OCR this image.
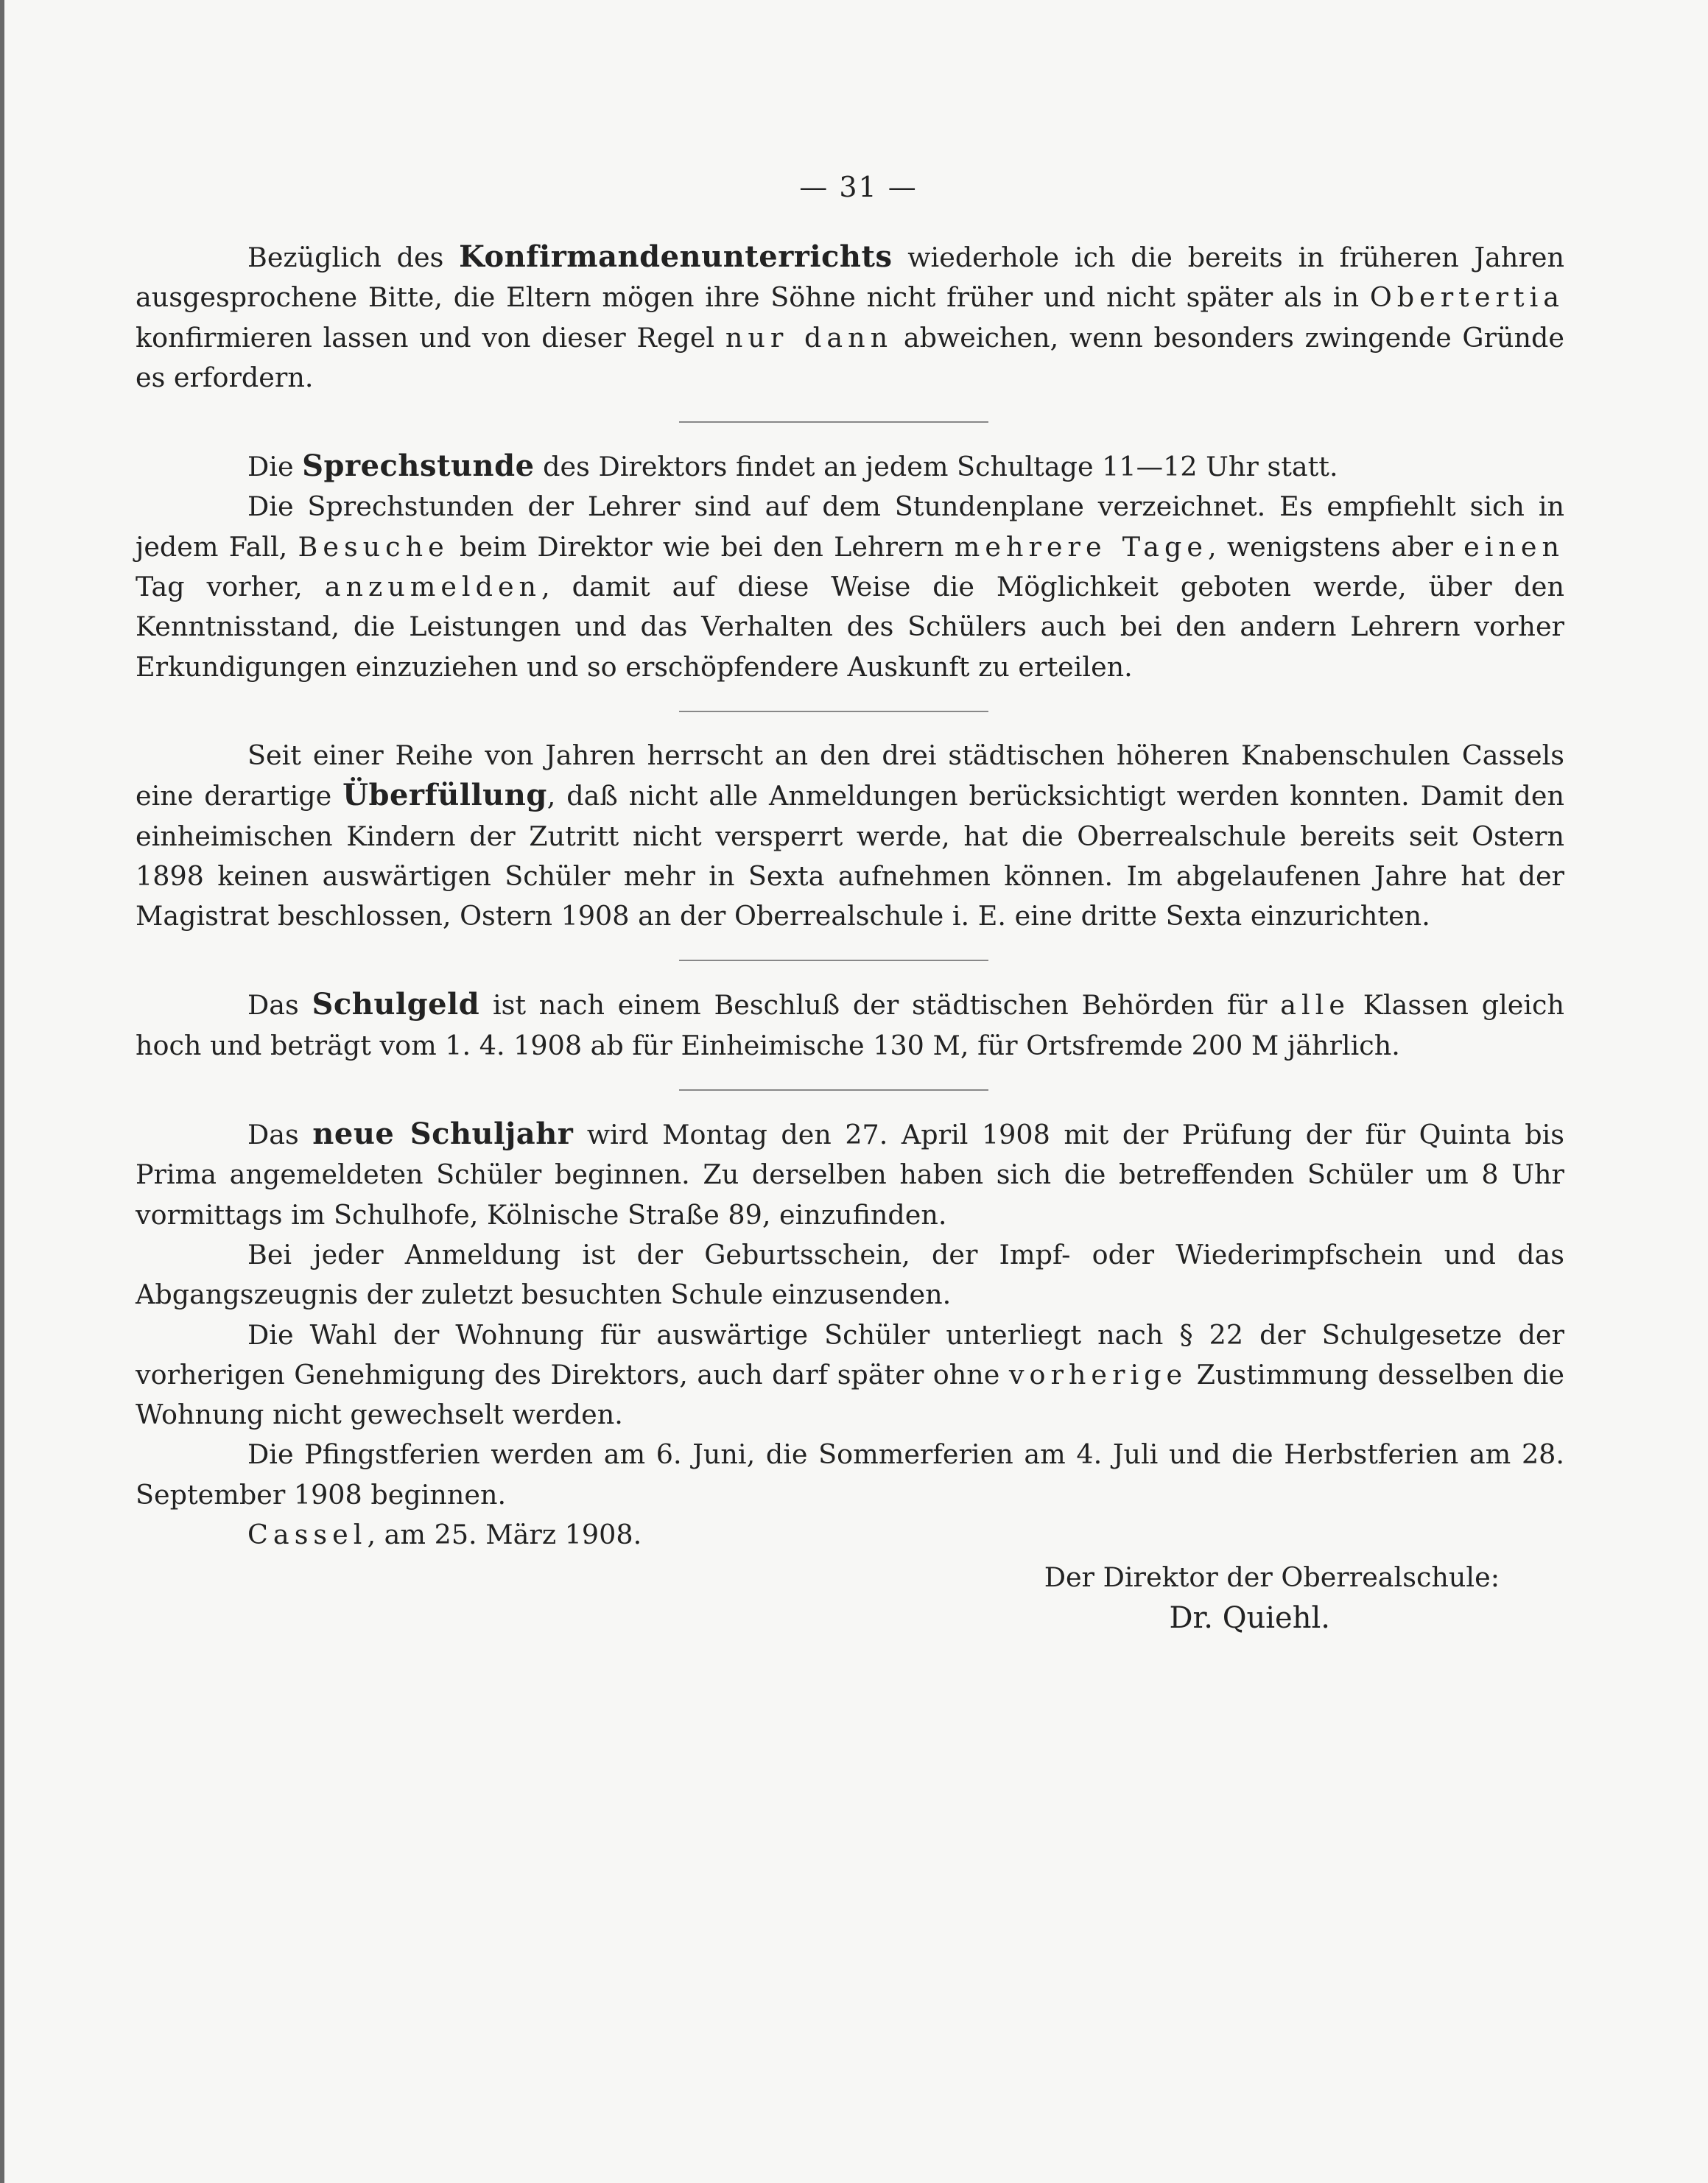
— 31 —

Bezüglich des Konfirmandenunterrichts wiederhole ich die bereits in früheren Jahren ausgesprochene Bitte, die Eltern mögen ihre Söhne nicht früher und nicht später als in Obertertia konfirmieren lassen und von dieser Regel nur dann abweichen, wenn besonders zwingende Gründe es erfordern.

Die Sprechstunde des Direktors findet an jedem Schultage 11—12 Uhr statt.

Die Sprechstunden der Lehrer sind auf dem Stundenplane verzeichnet. Es empfiehlt sich in jedem Fall, Besuche beim Direktor wie bei den Lehrern mehrere Tage, wenigstens aber einen Tag vorher, anzumelden, damit auf diese Weise die Möglichkeit geboten werde, über den Kenntnisstand, die Leistungen und das Verhalten des Schülers auch bei den andern Lehrern vorher Erkundigungen einzuziehen und so erschöpfendere Auskunft zu erteilen.

Seit einer Reihe von Jahren herrscht an den drei städtischen höheren Knabenschulen Cassels eine derartige Überfüllung, daß nicht alle Anmeldungen berücksichtigt werden konnten. Damit den einheimischen Kindern der Zutritt nicht versperrt werde, hat die Oberrealschule bereits seit Ostern 1898 keinen auswärtigen Schüler mehr in Sexta aufnehmen können. Im abgelaufenen Jahre hat der Magistrat beschlossen, Ostern 1908 an der Oberrealschule i. E. eine dritte Sexta einzurichten.

Das Schulgeld ist nach einem Beschluß der städtischen Behörden für alle Klassen gleich hoch und beträgt vom 1. 4. 1908 ab für Einheimische 130 M, für Ortsfremde 200 M jährlich.

Das neue Schuljahr wird Montag den 27. April 1908 mit der Prüfung der für Quinta bis Prima angemeldeten Schüler beginnen. Zu derselben haben sich die betreffenden Schüler um 8 Uhr vormittags im Schulhofe, Kölnische Straße 89, einzufinden.

Bei jeder Anmeldung ist der Geburtsschein, der Impf- oder Wiederimpfschein und das Abgangszeugnis der zuletzt besuchten Schule einzusenden.

Die Wahl der Wohnung für auswärtige Schüler unterliegt nach § 22 der Schulgesetze der vorherigen Genehmigung des Direktors, auch darf später ohne vorherige Zustimmung desselben die Wohnung nicht gewechselt werden.

Die Pfingstferien werden am 6. Juni, die Sommerferien am 4. Juli und die Herbstferien am 28. September 1908 beginnen.

Cassel, am 25. März 1908.

Der Direktor der Oberrealschule:
Dr. Quiehl.
